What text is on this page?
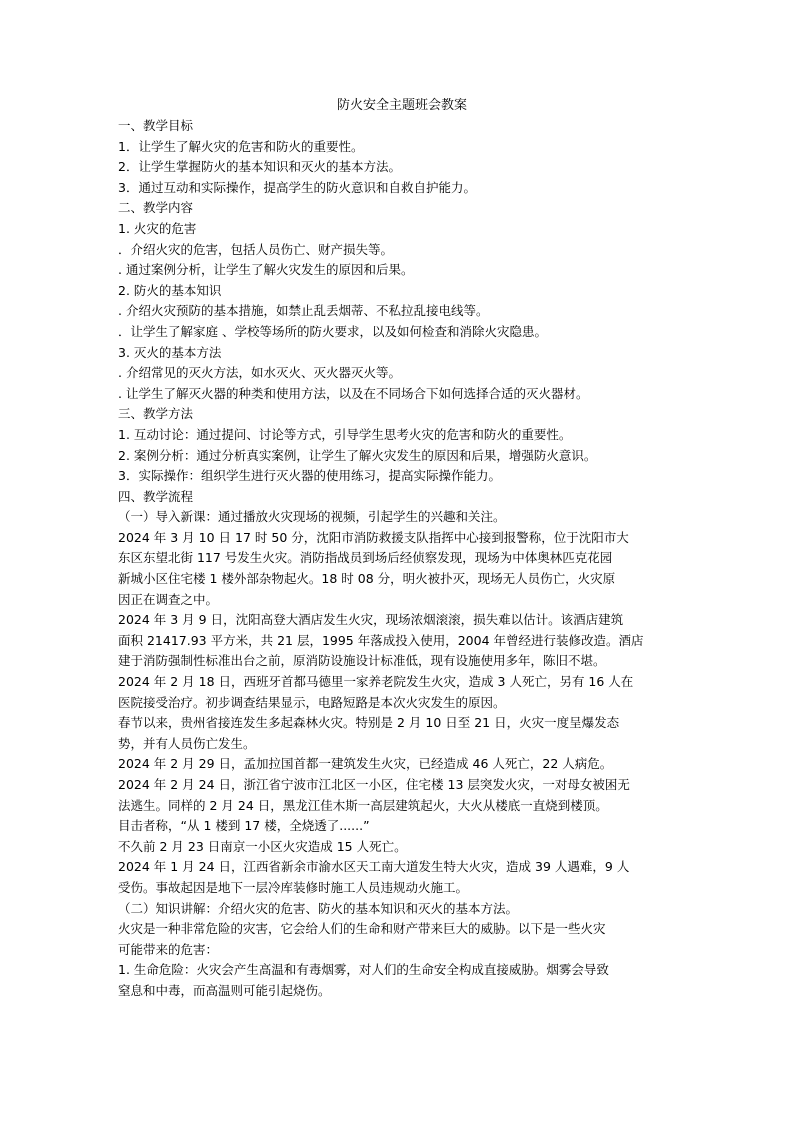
防火安全主题班会教案

一、教学目标

1．让学生了解火灾的危害和防火的重要性。

2．让学生掌握防火的基本知识和灭火的基本方法。

3．通过互动和实际操作，提高学生的防火意识和自救自护能力。

二、教学内容

1. 火灾的危害

．介绍火灾的危害，包括人员伤亡、财产损失等。

. 通过案例分析，让学生了解火灾发生的原因和后果。

2. 防火的基本知识

. 介绍火灾预防的基本措施，如禁止乱丢烟蒂、不私拉乱接电线等。

．让学生了解家庭 、学校等场所的防火要求，以及如何检查和消除火灾隐患。

3. 灭火的基本方法

. 介绍常见的灭火方法，如水灭火、灭火器灭火等。

. 让学生了解灭火器的种类和使用方法，以及在不同场合下如何选择合适的灭火器材。

三、教学方法

1. 互动讨论：通过提问、讨论等方式，引导学生思考火灾的危害和防火的重要性。

2. 案例分析：通过分析真实案例，让学生了解火灾发生的原因和后果，增强防火意识。

3．实际操作：组织学生进行灭火器的使用练习，提高实际操作能力。

四、教学流程

（一）导入新课：通过播放火灾现场的视频，引起学生的兴趣和关注。

2024 年 3 月 10 日 17 时 50 分，沈阳市消防救援支队指挥中心接到报警称，位于沈阳市大

东区东望北街 117 号发生火灾。消防指战员到场后经侦察发现，现场为中体奥林匹克花园

新城小区住宅楼 1 楼外部杂物起火。18 时 08 分，明火被扑灭，现场无人员伤亡，火灾原

因正在调查之中。

2024 年 3 月 9 日，沈阳高登大酒店发生火灾，现场浓烟滚滚，损失难以估计。该酒店建筑

面积 21417.93 平方米，共 21 层，1995 年落成投入使用，2004 年曾经进行装修改造。酒店

建于消防强制性标准出台之前，原消防设施设计标准低，现有设施使用多年，陈旧不堪。

2024 年 2 月 18 日，西班牙首都马德里一家养老院发生火灾，造成 3 人死亡，另有 16 人在

医院接受治疗。初步调查结果显示，电路短路是本次火灾发生的原因。

春节以来，贵州省接连发生多起森林火灾。特别是 2 月 10 日至 21 日，火灾一度呈爆发态

势，并有人员伤亡发生。

2024 年 2 月 29 日，孟加拉国首都一建筑发生火灾，已经造成 46 人死亡，22 人病危。

2024 年 2 月 24 日，浙江省宁波市江北区一小区，住宅楼 13 层突发火灾，一对母女被困无

法逃生。同样的 2 月 24 日，黑龙江佳木斯一高层建筑起火，大火从楼底一直烧到楼顶。

目击者称，“从 1 楼到 17 楼，全烧透了......”

不久前 2 月 23 日南京一小区火灾造成 15 人死亡。

2024 年 1 月 24 日，江西省新余市渝水区天工南大道发生特大火灾，造成 39 人遇难，9 人

受伤。事故起因是地下一层冷库装修时施工人员违规动火施工。

（二）知识讲解：介绍火灾的危害、防火的基本知识和灭火的基本方法。

火灾是一种非常危险的灾害，它会给人们的生命和财产带来巨大的威胁。以下是一些火灾

可能带来的危害：

1. 生命危险：火灾会产生高温和有毒烟雾，对人们的生命安全构成直接威胁。烟雾会导致

窒息和中毒，而高温则可能引起烧伤。
